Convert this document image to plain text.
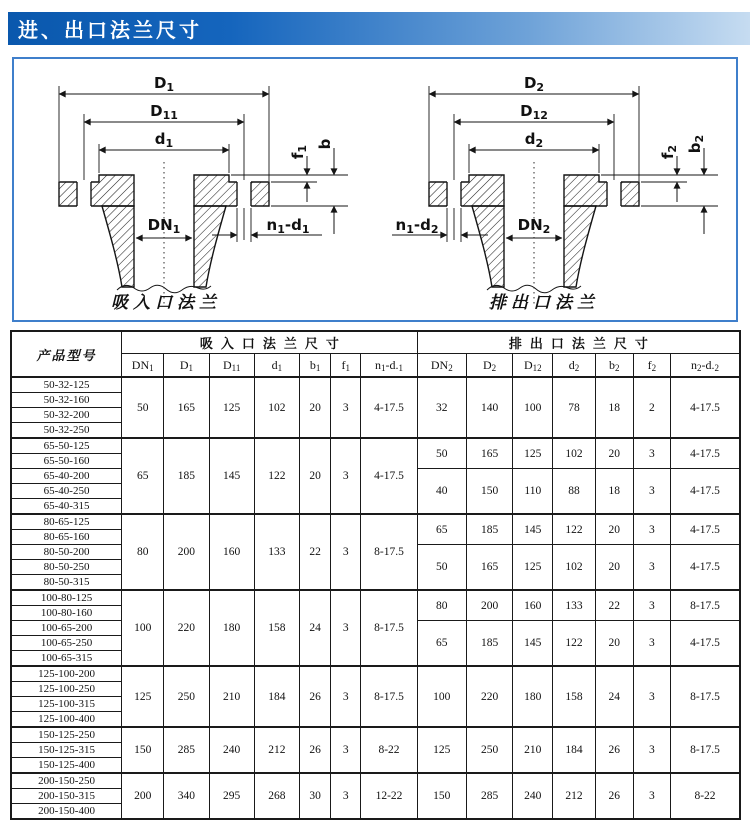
进、出口法兰尺寸
$D_1$
$D_{11}$
$d_1$
$DN_1$
$f_1$ b
$n_1-d_1$
吸入口法兰
$D_2$
$D_{12}$
$d_2$
$DN_2$
$f_2$ $b_2$
$n_1-d_2$
排出口法兰
产品型号	吸入口法兰尺寸							排出口法兰尺寸						
	$DN_1$	$D_1$	$D_{11}$	$d_1$	$b_1$	$f_1$	$n_1-d._1$	$DN_2$	$D_2$	$D_{12}$	$d_2$	$b_2$	$f_2$	$n_2-d._2$
50-32-125	50	165	125	102	20	3	4-17.5	32	140	100	78	18	2	4-17.5
50-32-160														
50-32-200														
50-32-250														
65-50-125	65	185	145	122	20	3	4-17.5	50	165	125	102	20	3	4-17.5
65-50-160														
65-40-200								40	150	110	88	18	3	4-17.5
65-40-250														
65-40-315														
80-65-125	80	200	160	133	22	3	8-17.5	65	185	145	122	20	3	4-17.5
80-65-160														
80-50-200								50	165	125	102	20	3	4-17.5
80-50-250														
80-50-315														
100-80-125	100	220	180	158	24	3	8-17.5	80	200	160	133	22	3	8-17.5
100-80-160														
100-65-200								65	185	145	122	20	3	4-17.5
100-65-250														
100-65-315														
125-100-200	125	250	210	184	26	3	8-17.5	100	220	180	158	24	3	8-17.5
125-100-250														
125-100-315														
125-100-400														
150-125-250	150	285	240	212	26	3	8-22	125	250	210	184	26	3	8-17.5
150-125-315														
150-125-400														
200-150-250	200	340	295	268	30	3	12-22	150	285	240	212	26	3	8-22
200-150-315														
200-150-400														
